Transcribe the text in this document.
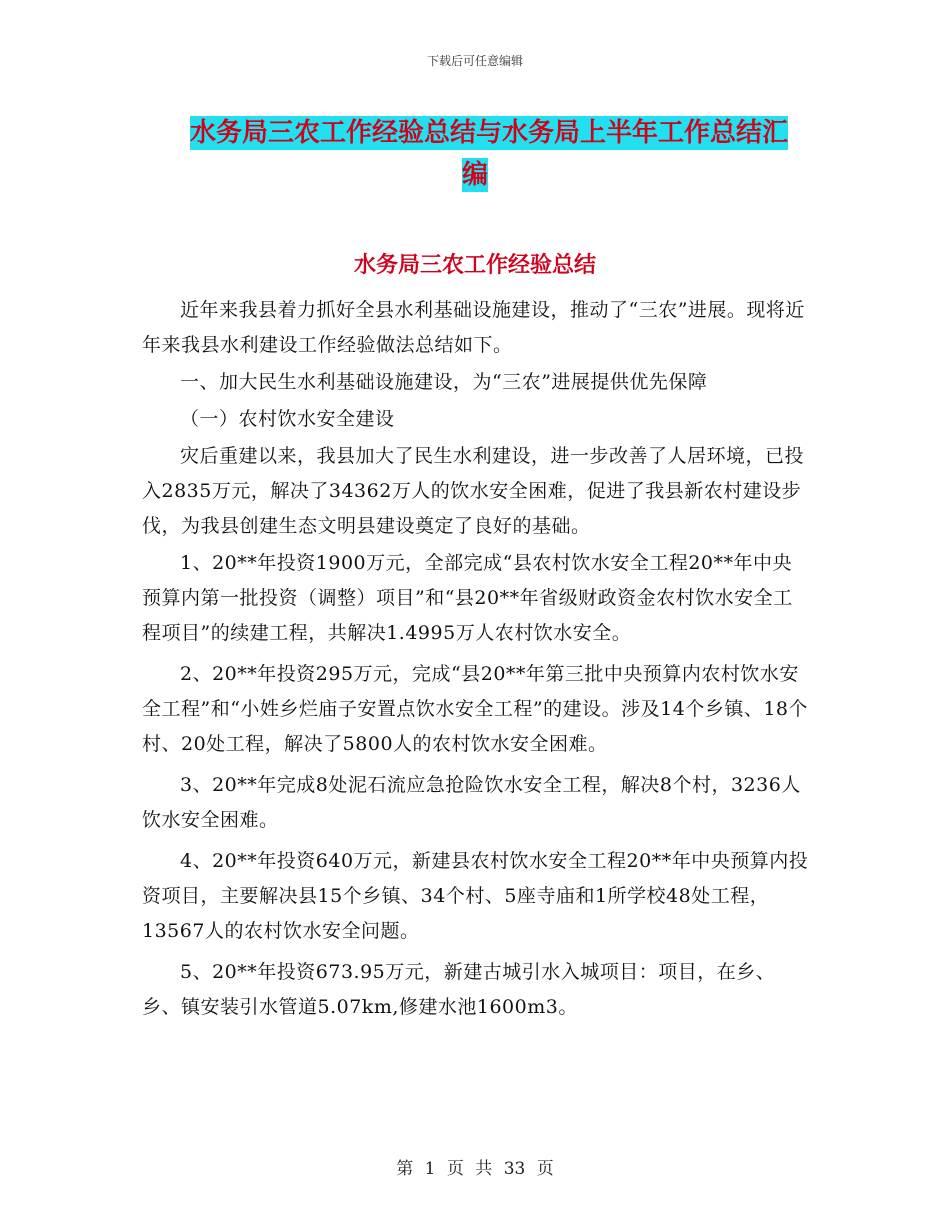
下载后可任意编辑
水务局三农工作经验总结与水务局上半年工作总结汇
编
水务局三农工作经验总结

近年来我县着力抓好全县水利基础设施建设，推动了“三农”进展。现将近年来我县水利建设工作经验做法总结如下。

一、加大民生水利基础设施建设，为“三农”进展提供优先保障

（一）农村饮水安全建设

灾后重建以来，我县加大了民生水利建设，进一步改善了人居环境，已投入2835万元，解决了34362万人的饮水安全困难，促进了我县新农村建设步伐，为我县创建生态文明县建设奠定了良好的基础。

1、20**年投资1900万元，全部完成“县农村饮水安全工程20**年中央预算内第一批投资（调整）项目”和“县20**年省级财政资金农村饮水安全工程项目”的续建工程，共解决1.4995万人农村饮水安全。

2、20**年投资295万元，完成“县20**年第三批中央预算内农村饮水安全工程”和“小姓乡烂庙子安置点饮水安全工程”的建设。涉及14个乡镇、18个村、20处工程，解决了5800人的农村饮水安全困难。

3、20**年完成8处泥石流应急抢险饮水安全工程，解决8个村，3236人饮水安全困难。

4、20**年投资640万元，新建县农村饮水安全工程20**年中央预算内投资项目，主要解决县15个乡镇、34个村、5座寺庙和1所学校48处工程，13567人的农村饮水安全问题。

5、20**年投资673.95万元，新建古城引水入城项目：项目，在乡、乡、镇安装引水管道5.07km,修建水池1600m3。

第 1 页 共 33 页
